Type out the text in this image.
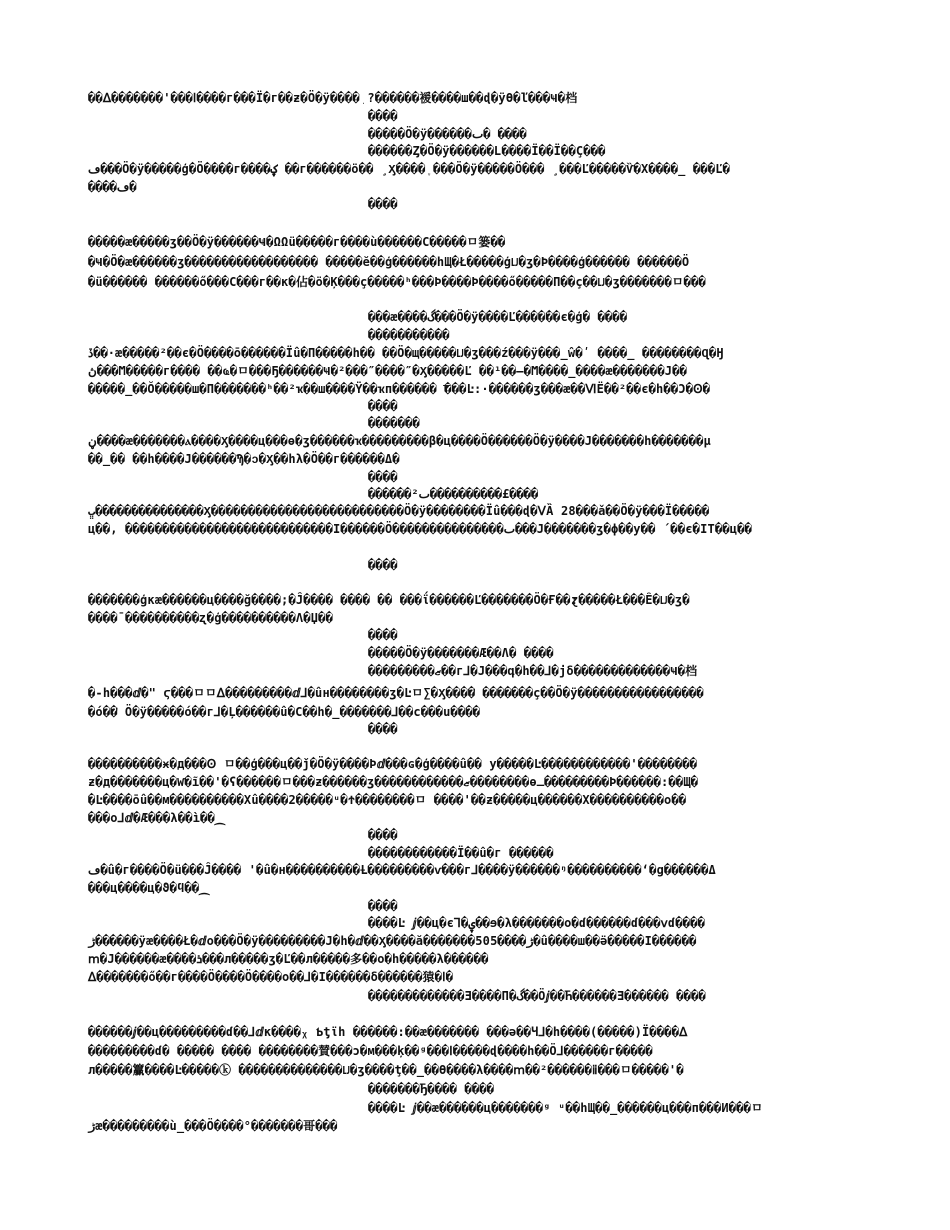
��ⵠ�������'���ⅼ����г���Ї�г��ƶ�Ӧ�ÿ����ֽ ?������褑����ш��ɖ�ÿϴ�ľ���Ҹ�档
����
�����Ӧ�ÿ������ٮ� ����
������Ȥ�Ӧ�ÿ������Լ����Ї��Ї��Ç���
ڡ���Ӧ�ÿ�����ģ�Ӧ����г����ؼ ��г������ӧ�� ¸Ӽ����ֶ ���Ӧ�ÿ�����Ӧ��� ¸���Ľ�����Ѷ�Х����_ ���Ľ�
����ڡ�
����
�����æ�����ʒ��Ӧ�ÿ������Ҹ�ΩΩü�����г����ù������C�����ㅁ篓��
�Ҹ�Ӧ�æ������ʒ������������������ �����ӗ��ģ������hЩ�Ł�����ģǇ�ʒ�Ϸ����ģ������ ������Ӧ
�ü������ ������ő���Ϲ���г��ĸ�佔�ӧ�Ķ���ç�����ʰ���Ϸ����Ϸ����ő�����Π��ç��Ǉ�ʒ�������ㅁ���
���æ����گ���Ӧ�ÿ����Ľ����ׁ��є�ģ� ����
�����������
ڏ��·æ�����²��є�Ӧ����ō������Їû�П�����һ�� ��Ӧ�щ�����Ǉ�ʒ���ź���ÿ���_ŵ�ʹ ����_ ��������Ɋ�Ӈ
ڽ���Ϻ�����г���� ��ҩ�ㅁ���Ҕ������Ҹ�²���″����″�Ӽ�����Ľ ��¹��–�Ϻ����_����æ�������Ϳ��
�����_��Ŏ�����ш�Π�������ʰ��²ҡ��ш����Ϋ��ҡп������ ͞���Ŀ:·������ʒ���æ��ⅥЁ��²��є�h��Ͻ�Ꙩ�
����
�������
ڼ����æ�������ⲁ����Ӽ����ц���ѳ�ʒ������ҡ���������β�ц����Ӧ������Ӧ�ÿ����Ϳ�������h�������µ
��_�� ��h����Ϳ������Ϡ�ↄ�Ӽ��hλ�Ӧ��г������Δ�
����
������ٮ²����������£����
ڀ���������������Ӽ��������������������������Ӧ�ÿ��������Їû���ɖ�ⅤȀ 28���ǎ��Ӧ�ÿ���Ї�����
ц��, ����������������������������Ӏ������Ӧ���������������ٮ���Ϳ�������ʒ�ϕ��у�� ΄��є�ΙΤ��ц��
����
�������ģκæ������ц����ğ����;�Ĵ���� ���� �� ���ΐ������Ľ�������Ӧ�Ғ��׃׃ɀ�����Ł���Ȇ�Ǉ�ʒ�
����ˉ����������ʐ�ģ����������Λ�Џ��
����
�����Ӧ�ÿ�������Ӕ��Ʌ� ����
���������ޒ��г⅃�Ϳ���գ�h��⅃�ϳδ�������������Ҹ�档
�-h���ⅆ�" ϛ���ㅁㅁⵠ���������ⅆ⅃�ûн��������ʒ�Ŀㅁ∑�Ӽ����ᡃ �������ç��Ӧ�ÿ�����������������
�ó��ᡃ Ӧ�ÿ�����ó��г⅃�Ļ������û�С��h�_�������⅃��c���u����
����
����������ӿ�д���Ꙩ ㅁ��ģ���ц��ǰ�Ӧ�ÿ����Ϸⅆ���ɢ�ģ����û�� у�����Ŀ������������'��������
ƶ�д�������ц�Ⱳ�ĩ��'�ʕ������ㅁ���ƶ������ʒ������������ޒ��������ѳـ���������Ϸ������:��Щ�
�Ŀ����ōû��м����������Хû����2�����ᵘ�Ϯ��������ㅁ ����'��ƶ�����ц������Х����������о��
���о⅃ⅆ�Ӕ���λ��ì��⁔
����
������������Ї��û�г ������
ڡ�û�г����Ӧ�ü���Ĵ���� '�û�н����������Ƚ���������ѵ���г⅃����ÿ������ᵑ����������ʻ�ց������Δ
���ц����ц�ϑ�ϥ��⁔
����
����Ŀ ⅉ��ц�є⅂�ۑ��ɘ�λ�������о�ɗ������ɗ���ⅴɗ����
ڑ������ÿæ����Ł�ⅆо���Ӧ�ÿ���������Ϳ�h�ⅆ��Ӽ����ӑ�������50ڑ����5�û����ш��ӛ�����Ӏ������
ⅿ�Ϳ������æ����ܪ���л�����ʒ�Ľ��л�����多��о�h�����λ������
ⵠ�������ő��г����Ӧ����Ӧ����о��⅃�Ӏ������δ������猿�ⅼ�
�������������Ǝ����Π�گ��Ӧⅉ��Ћ������Ǝ������ ����
������ⅉ��ц���������ɗ��⅃ⅆк����ᵪ Ƅƫϊh ������:��æ������� ���ǝ��Ч⅃�h����(�����)Ї����ⵠ
���������ɗ� ����� ���� ��������賛���ͻ�м���ķ��ᵍ���ⵏ�����ɖ����h��Ӧ⅃������г�����
л�����籯����Ŀ�����ⓚ ��������������Ǉ�ʒ����ţ��_��ϴ����λ����ⅿ��²������ⅱ���ㅁ�����'�
�������Ђ���� ����
����Ŀ ⅉ��æ������ц�������ᵍ ᵘ��hЩ��_������ц���п���И���ㅁ
ڑæ���������ù_���Ӧ����°�������哥���
